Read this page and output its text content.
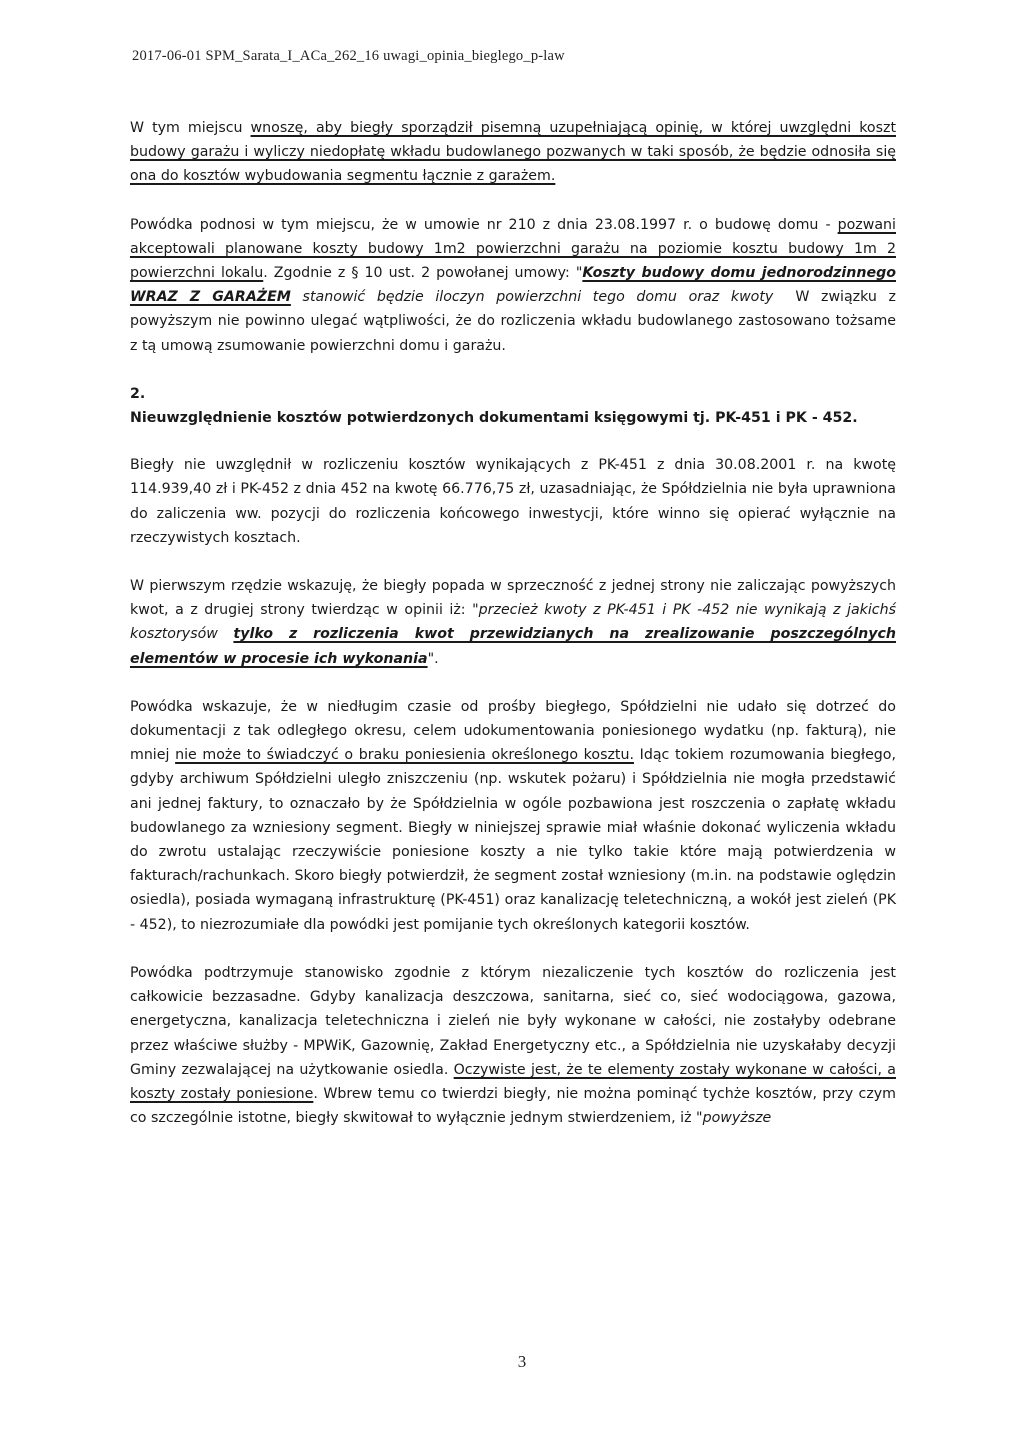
2017-06-01 SPM_Sarata_I_ACa_262_16 uwagi_opinia_bieglego_p-law

W tym miejscu wnoszę, aby biegły sporządził pisemną uzupełniającą opinię, w której uwzględni koszt budowy garażu i wyliczy niedopłatę wkładu budowlanego pozwanych w taki sposób, że będzie odnosiła się ona do kosztów wybudowania segmentu łącznie z garażem.

Powódka podnosi w tym miejscu, że w umowie nr 210 z dnia 23.08.1997 r. o budowę domu - pozwani akceptowali planowane koszty budowy 1m2 powierzchni garażu na poziomie kosztu budowy 1m 2 powierzchni lokalu. Zgodnie z § 10 ust. 2 powołanej umowy: "Koszty budowy domu jednorodzinnego WRAZ Z GARAŻEM stanowić będzie iloczyn powierzchni tego domu oraz kwoty W związku z powyższym nie powinno ulegać wątpliwości, że do rozliczenia wkładu budowlanego zastosowano tożsame z tą umową zsumowanie powierzchni domu i garażu.

2.

Nieuwzględnienie kosztów potwierdzonych dokumentami księgowymi tj. PK-451 i PK - 452.

Biegły nie uwzględnił w rozliczeniu kosztów wynikających z PK-451 z dnia 30.08.2001 r. na kwotę 114.939,40 zł i PK-452 z dnia 452 na kwotę 66.776,75 zł, uzasadniając, że Spółdzielnia nie była uprawniona do zaliczenia ww. pozycji do rozliczenia końcowego inwestycji, które winno się opierać wyłącznie na rzeczywistych kosztach.

W pierwszym rzędzie wskazuję, że biegły popada w sprzeczność z jednej strony nie zaliczając powyższych kwot, a z drugiej strony twierdząc w opinii iż: "przecież kwoty z PK-451 i PK -452 nie wynikają z jakichś kosztorysów tylko z rozliczenia kwot przewidzianych na zrealizowanie poszczególnych elementów w procesie ich wykonania".

Powódka wskazuje, że w niedługim czasie od prośby biegłego, Spółdzielni nie udało się dotrzeć do dokumentacji z tak odległego okresu, celem udokumentowania poniesionego wydatku (np. fakturą), nie mniej nie może to świadczyć o braku poniesienia określonego kosztu. Idąc tokiem rozumowania biegłego, gdyby archiwum Spółdzielni uległo zniszczeniu (np. wskutek pożaru) i Spółdzielnia nie mogła przedstawić ani jednej faktury, to oznaczało by że Spółdzielnia w ogóle pozbawiona jest roszczenia o zapłatę wkładu budowlanego za wzniesiony segment. Biegły w niniejszej sprawie miał właśnie dokonać wyliczenia wkładu do zwrotu ustalając rzeczywiście poniesione koszty a nie tylko takie które mają potwierdzenia w fakturach/rachunkach. Skoro biegły potwierdził, że segment został wzniesiony (m.in. na podstawie oględzin osiedla), posiada wymaganą infrastrukturę (PK-451) oraz kanalizację teletechniczną, a wokół jest zieleń (PK - 452), to niezrozumiałe dla powódki jest pomijanie tych określonych kategorii kosztów.

Powódka podtrzymuje stanowisko zgodnie z którym niezaliczenie tych kosztów do rozliczenia jest całkowicie bezzasadne. Gdyby kanalizacja deszczowa, sanitarna, sieć co, sieć wodociągowa, gazowa, energetyczna, kanalizacja teletechniczna i zieleń nie były wykonane w całości, nie zostałyby odebrane przez właściwe służby - MPWiK, Gazownię, Zakład Energetyczny etc., a Spółdzielnia nie uzyskałaby decyzji Gminy zezwalającej na użytkowanie osiedla. Oczywiste jest, że te elementy zostały wykonane w całości, a koszty zostały poniesione. Wbrew temu co twierdzi biegły, nie można pominąć tychże kosztów, przy czym co szczególnie istotne, biegły skwitował to wyłącznie jednym stwierdzeniem, iż "powyższe

3
